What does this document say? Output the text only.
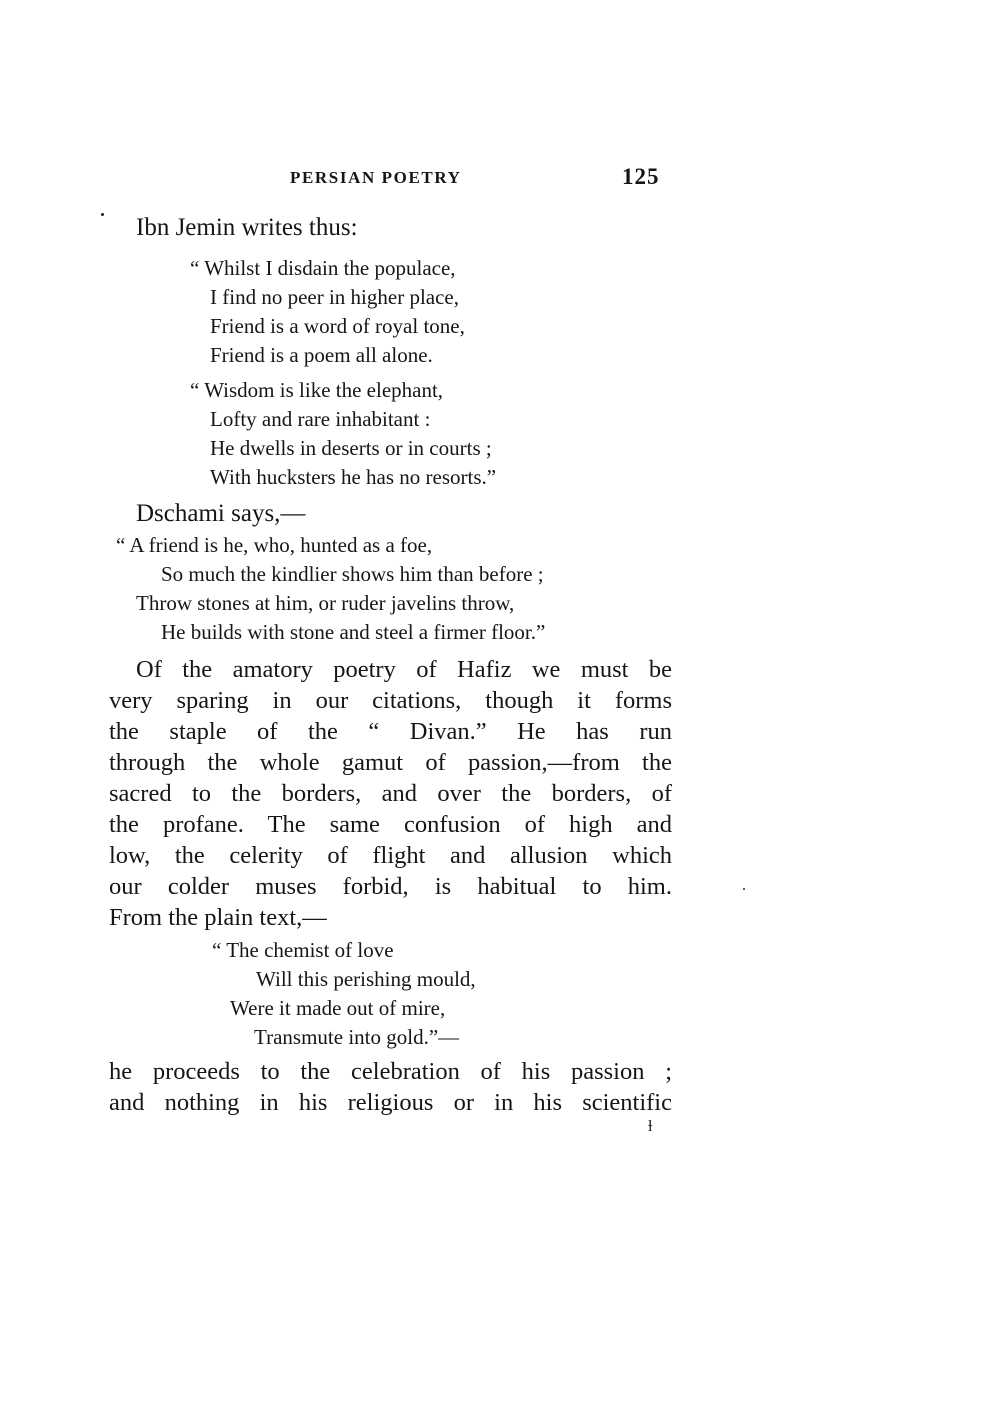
PERSIAN POETRY	125
Ibn Jemin writes thus:
“ Whilst I disdain the populace,
I find no peer in higher place,
Friend is a word of royal tone,
Friend is a poem all alone.
“ Wisdom is like the elephant,
Lofty and rare inhabitant :
He dwells in deserts or in courts ;
With hucksters he has no resorts.”
Dschami says,—
“ A friend is he, who, hunted as a foe,
So much the kindlier shows him than before ;
Throw stones at him, or ruder javelins throw,
He builds with stone and steel a firmer floor.”
Of the amatory poetry of Hafiz we must be
very sparing in our citations, though it forms
the staple of the “ Divan.” He has run
through the whole gamut of passion,—from the
sacred to the borders, and over the borders, of
the profane. The same confusion of high and
low, the celerity of flight and allusion which
our colder muses forbid, is habitual to him.
From the plain text,—
“ The chemist of love
Will this perishing mould,
Were it made out of mire,
Transmute into gold.”—
he proceeds to the celebration of his passion ;
and nothing in his religious or in his scientific
ɫ
